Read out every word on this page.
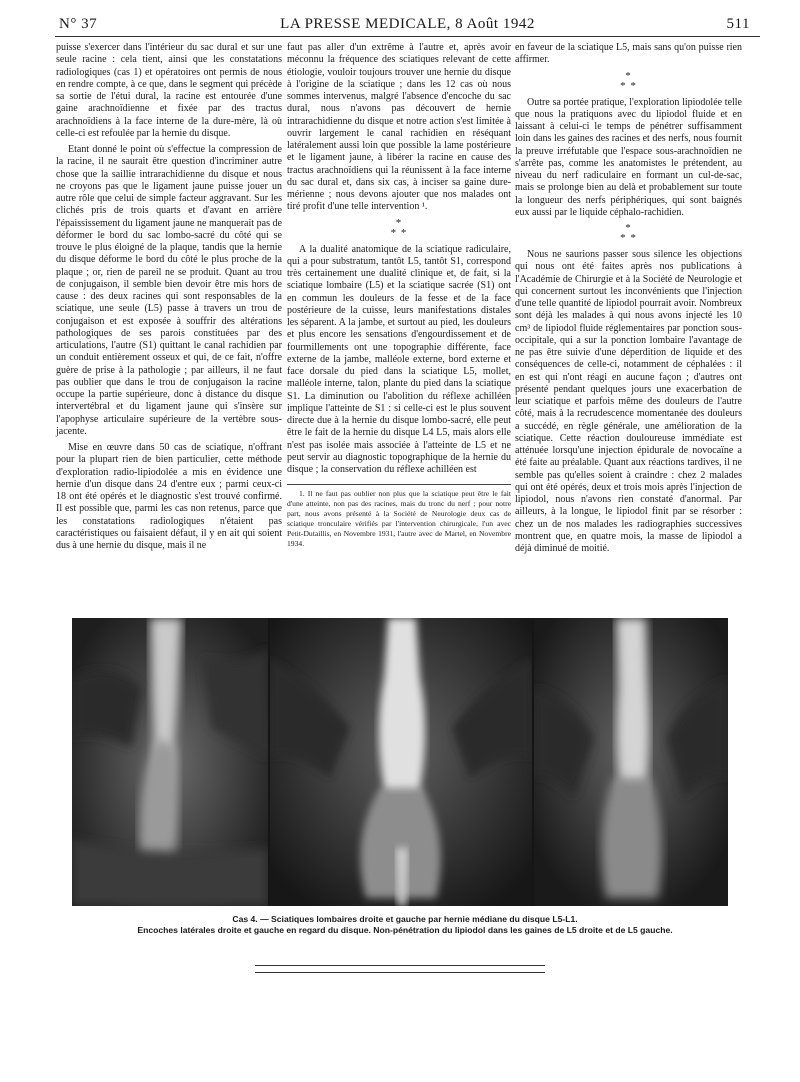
N° 37	LA PRESSE MEDICALE, 8 Août 1942	511

puisse s'exercer dans l'intérieur du sac dural et sur une seule racine : cela tient, ainsi que les constatations radiologiques (cas 1) et opératoires ont permis de nous en rendre compte, à ce que, dans le segment qui précède sa sortie de l'étui dural, la racine est entourée d'une gaine arachnoïdienne et fixée par des tractus arachnoïdiens à la face interne de la dure-mère, là où celle-ci est refoulée par la hernie du disque.

Etant donné le point où s'effectue la compression de la racine, il ne saurait être question d'incriminer autre chose que la saillie intrarachidienne du disque et nous ne croyons pas que le ligament jaune puisse jouer un autre rôle que celui de simple facteur aggravant. Sur les clichés pris de trois quarts et d'avant en arrière l'épaississement du ligament jaune ne manquerait pas de déformer le bord du sac lombo-sacré du côté qui se trouve le plus éloigné de la plaque, tandis que la hernie du disque déforme le bord du côté le plus proche de la plaque ; or, rien de pareil ne se produit. Quant au trou de conjugaison, il semble bien devoir être mis hors de cause : des deux racines qui sont responsables de la sciatique, une seule (L5) passe à travers un trou de conjugaison et est exposée à souffrir des altérations pathologiques de ses parois constituées par des articulations, l'autre (S1) quittant le canal rachidien par un conduit entièrement osseux et qui, de ce fait, n'offre guère de prise à la pathologie ; par ailleurs, il ne faut pas oublier que dans le trou de conjugaison la racine occupe la partie supérieure, donc à distance du disque intervertébral et du ligament jaune qui s'insère sur l'apophyse articulaire supérieure de la vertèbre sous-jacente.

Mise en œuvre dans 50 cas de sciatique, n'offrant pour la plupart rien de bien particulier, cette méthode d'exploration radio-lipiodolée a mis en évidence une hernie d'un disque dans 24 d'entre eux ; parmi ceux-ci 18 ont été opérés et le diagnostic s'est trouvé confirmé. Il est possible que, parmi les cas non retenus, parce que les constatations radiologiques n'étaient pas caractéristiques ou faisaient défaut, il y en ait qui soient dus à une hernie du disque, mais il ne

faut pas aller d'un extrême à l'autre et, après avoir méconnu la fréquence des sciatiques relevant de cette étiologie, vouloir toujours trouver une hernie du disque à l'origine de la sciatique ; dans les 12 cas où nous sommes intervenus, malgré l'absence d'encoche du sac dural, nous n'avons pas découvert de hernie intrarachidienne du disque et notre action s'est limitée à ouvrir largement le canal rachidien en réséquant latéralement aussi loin que possible la lame postérieure et le ligament jaune, à libérer la racine en cause des tractus arachnoïdiens qui la réunissent à la face interne du sac dural et, dans six cas, à inciser sa gaine dure-mérienne ; nous devons ajouter que nos malades ont tiré profit d'une telle intervention ¹.

*
* *

A la dualité anatomique de la sciatique radiculaire, qui a pour substratum, tantôt L5, tantôt S1, correspond très certainement une dualité clinique et, de fait, si la sciatique lombaire (L5) et la sciatique sacrée (S1) ont en commun les douleurs de la fesse et de la face postérieure de la cuisse, leurs manifestations distales les séparent. A la jambe, et surtout au pied, les douleurs et plus encore les sensations d'engourdissement et de fourmillements ont une topographie différente, face externe de la jambe, malléole externe, bord externe et face dorsale du pied dans la sciatique L5, mollet, malléole interne, talon, plante du pied dans la sciatique S1. La diminution ou l'abolition du réflexe achilléen implique l'atteinte de S1 : si celle-ci est le plus souvent directe due à la hernie du disque lombo-sacré, elle peut être le fait de la hernie du disque L4 L5, mais alors elle n'est pas isolée mais associée à l'atteinte de L5 et ne peut servir au diagnostic topographique de la hernie du disque ; la conservation du réflexe achilléen est

1. Il ne faut pas oublier non plus que la sciatique peut être le fait d'une atteinte, non pas des racines, mais du tronc du nerf ; pour notre part, nous avons présenté à la Société de Neurologie deux cas de sciatique tronculaire vérifiés par l'intervention chirurgicale, l'un avec Petit-Dutaillis, en Novembre 1931, l'autre avec de Martel, en Novembre 1934.

en faveur de la sciatique L5, mais sans qu'on puisse rien affirmer.

*
* *

Outre sa portée pratique, l'exploration lipiodolée telle que nous la pratiquons avec du lipiodol fluide et en laissant à celui-ci le temps de pénétrer suffisamment loin dans les gaines des racines et des nerfs, nous fournit la preuve irréfutable que l'espace sous-arachnoïdien ne s'arrête pas, comme les anatomistes le prétendent, au niveau du nerf radiculaire en formant un cul-de-sac, mais se prolonge bien au delà et probablement sur toute la longueur des nerfs périphériques, qui sont baignés eux aussi par le liquide céphalo-rachidien.

*
* *

Nous ne saurions passer sous silence les objections qui nous ont été faites après nos publications à l'Académie de Chirurgie et à la Société de Neurologie et qui concernent surtout les inconvénients que l'injection d'une telle quantité de lipiodol pourrait avoir. Nombreux sont déjà les malades à qui nous avons injecté les 10 cm³ de lipiodol fluide réglementaires par ponction sous-occipitale, qui a sur la ponction lombaire l'avantage de ne pas être suivie d'une déperdition de liquide et des conséquences de celle-ci, notamment de céphalées : il en est qui n'ont réagi en aucune façon ; d'autres ont présenté pendant quelques jours une exacerbation de leur sciatique et parfois même des douleurs de l'autre côté, mais à la recrudescence momentanée des douleurs a succédé, en règle générale, une amélioration de la sciatique. Cette réaction douloureuse immédiate est atténuée lorsqu'une injection épidurale de novocaïne a été faite au préalable. Quant aux réactions tardives, il ne semble pas qu'elles soient à craindre : chez 2 malades qui ont été opérés, deux et trois mois après l'injection de lipiodol, nous n'avons rien constaté d'anormal. Par ailleurs, à la longue, le lipiodol finit par se résorber : chez un de nos malades les radiographies successives montrent que, en quatre mois, la masse de lipiodol a déjà diminué de moitié.

Cas 4. — Sciatiques lombaires droite et gauche par hernie médiane du disque L5-L1.
Encoches latérales droite et gauche en regard du disque. Non-pénétration du lipiodol dans les gaines de L5 droite et de L5 gauche.
